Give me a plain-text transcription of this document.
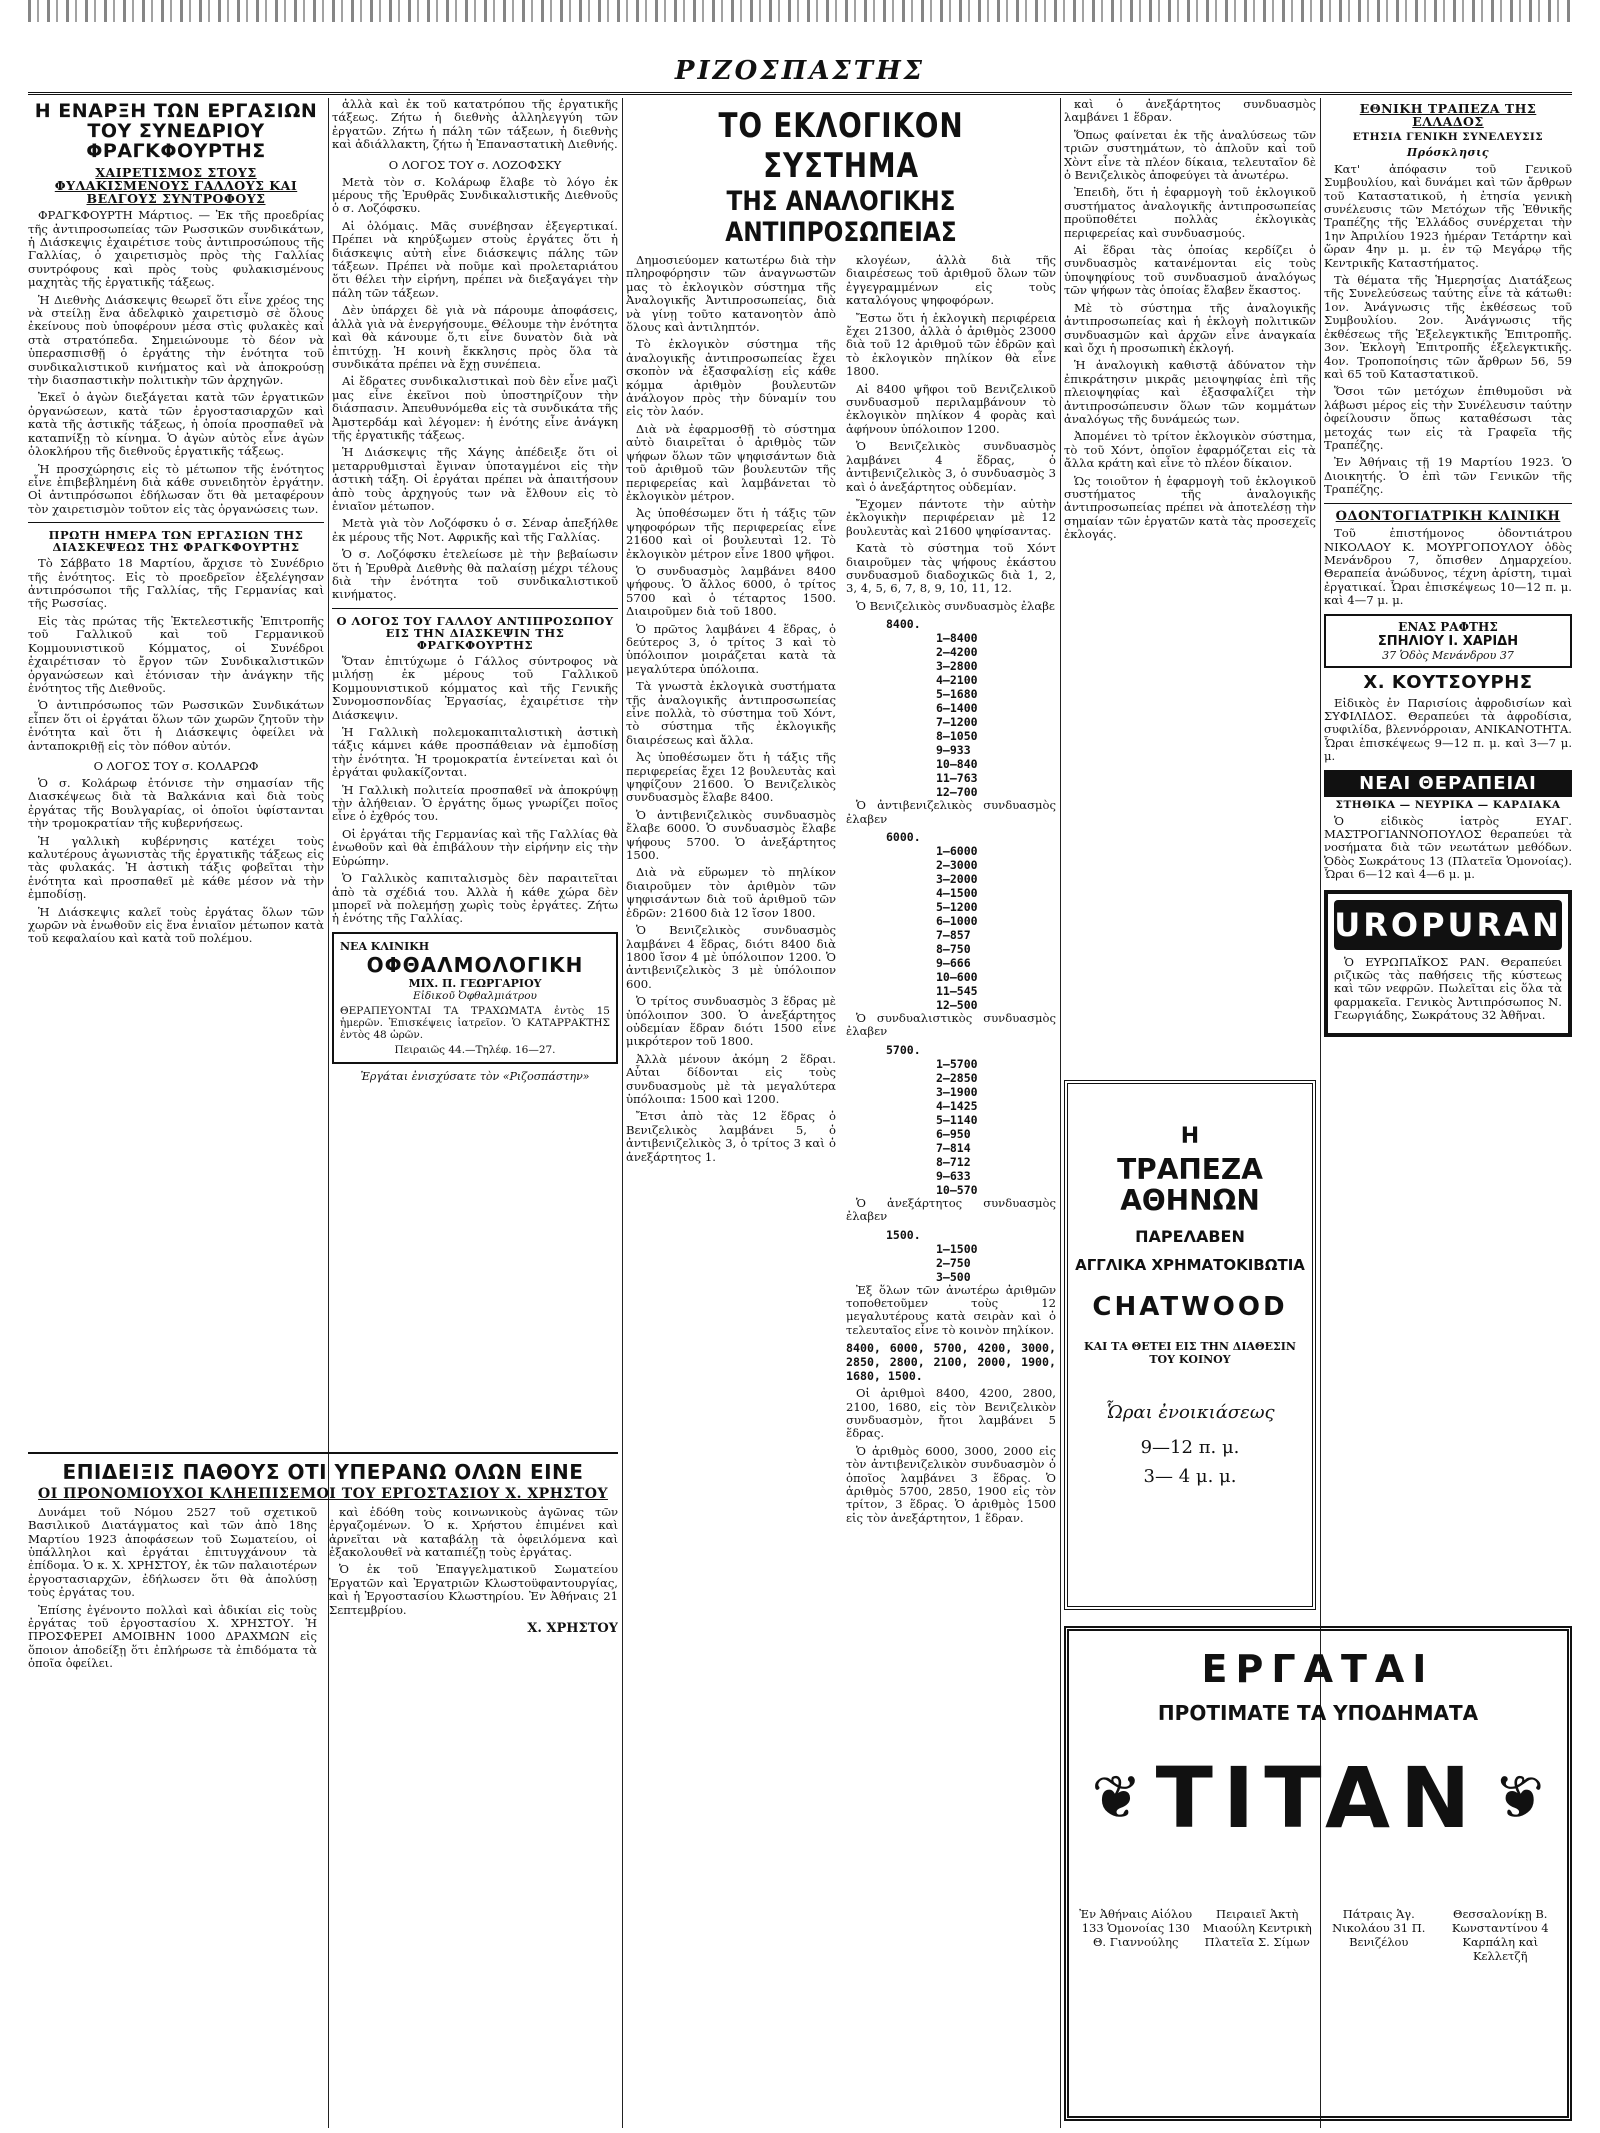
ΡΙΖΟΣΠΑΣΤΗΣ
Η ΕΝΑΡΞΗ ΤΩΝ ΕΡΓΑΣΙΩΝ ΤΟΥ ΣΥΝΕΔΡΙΟΥ ΦΡΑΓΚΦΟΥΡΤΗΣ
ΧΑΙΡΕΤΙΣΜΟΣ ΣΤΟΥΣ ΦΥΛΑΚΙΣΜΕΝΟΥΣ ΓΑΛΛΟΥΣ ΚΑΙ ΒΕΛΓΟΥΣ ΣΥΝΤΡΟΦΟΥΣ

ΦΡΑΓΚΦΟΥΡΤΗ Μάρτιος. — Ἐκ τῆς προεδρίας τῆς ἀντιπροσωπείας τῶν Ρωσσικῶν συνδικάτων, ἡ Διάσκεψις ἐχαιρέτισε τοὺς ἀντιπροσώπους τῆς Γαλλίας, ὁ χαιρετισμὸς πρὸς τὴς Γαλλίας συντρόφους καὶ πρὸς τοὺς φυλακισμένους μαχητὰς τῆς ἐργατικῆς τάξεως.

Ἡ Διεθνὴς Διάσκεψις θεωρεῖ ὅτι εἶνε χρέος της νὰ στείλῃ ἕνα ἀδελφικὸ χαιρετισμὸ σὲ ὅλους ἐκείνους ποὺ ὑποφέρουν μέσα στὶς φυλακὲς καὶ στὰ στρατόπεδα. Σημειώνουμε τὸ δέον νὰ ὑπερασπισθῇ ὁ ἐργάτης τὴν ἑνότητα τοῦ συνδικαλιστικοῦ κινήματος καὶ νὰ ἀποκρούσῃ τὴν διασπαστικὴν πολιτικὴν τῶν ἀρχηγῶν.

Ἐκεῖ ὁ ἀγὼν διεξάγεται κατὰ τῶν ἐργατικῶν ὀργανώσεων, κατὰ τῶν ἐργοστασιαρχῶν καὶ κατὰ τῆς ἀστικῆς τάξεως, ἡ ὁποία προσπαθεῖ νὰ καταπνίξῃ τὸ κίνημα. Ὁ ἀγὼν αὐτὸς εἶνε ἀγὼν ὁλοκλήρου τῆς διεθνοῦς ἐργατικῆς τάξεως.

Ἡ προσχώρησις εἰς τὸ μέτωπον τῆς ἑνότητος εἶνε ἐπιβεβλημένη διὰ κάθε συνειδητὸν ἐργάτην. Οἱ ἀντιπρόσωποι ἐδήλωσαν ὅτι θὰ μεταφέρουν τὸν χαιρετισμὸν τοῦτον εἰς τὰς ὀργανώσεις των.

ΠΡΩΤΗ ΗΜΕΡΑ ΤΩΝ ΕΡΓΑΣΙΩΝ ΤΗΣ ΔΙΑΣΚΕΨΕΩΣ ΤΗΣ ΦΡΑΓΚΦΟΥΡΤΗΣ

Τὸ Σάββατο 18 Μαρτίου, ἄρχισε τὸ Συνέδριο τῆς ἑνότητος. Εἰς τὸ προεδρεῖον ἐξελέγησαν ἀντιπρόσωποι τῆς Γαλλίας, τῆς Γερμανίας καὶ τῆς Ρωσσίας.

Εἰς τὰς πρώτας τῆς Ἐκτελεστικῆς Ἐπιτροπῆς τοῦ Γαλλικοῦ καὶ τοῦ Γερμανικοῦ Κομμουνιστικοῦ Κόμματος, οἱ Συνέδροι ἐχαιρέτισαν τὸ ἔργον τῶν Συνδικαλιστικῶν ὀργανώσεων καὶ ἐτόνισαν τὴν ἀνάγκην τῆς ἑνότητος τῆς Διεθνοῦς.

Ὁ ἀντιπρόσωπος τῶν Ρωσσικῶν Συνδικάτων εἶπεν ὅτι οἱ ἐργάται ὅλων τῶν χωρῶν ζητοῦν τὴν ἑνότητα καὶ ὅτι ἡ Διάσκεψις ὀφείλει νὰ ἀνταποκριθῇ εἰς τὸν πόθον αὐτόν.

Ο ΛΟΓΟΣ ΤΟΥ σ. ΚΟΛΑΡΩΦ

Ὁ σ. Κολάρωφ ἐτόνισε τὴν σημασίαν τῆς Διασκέψεως διὰ τὰ Βαλκάνια καὶ διὰ τοὺς ἐργάτας τῆς Βουλγαρίας, οἱ ὁποῖοι ὑφίστανται τὴν τρομοκρατίαν τῆς κυβερνήσεως.

Ἡ γαλλικὴ κυβέρνησις κατέχει τοὺς καλυτέρους ἀγωνιστὰς τῆς ἐργατικῆς τάξεως εἰς τὰς φυλακάς. Ἡ ἀστικὴ τάξις φοβεῖται τὴν ἑνότητα καὶ προσπαθεῖ μὲ κάθε μέσον νὰ τὴν ἐμποδίσῃ.

Ἡ Διάσκεψις καλεῖ τοὺς ἐργάτας ὅλων τῶν χωρῶν νὰ ἑνωθοῦν εἰς ἕνα ἑνιαῖον μέτωπον κατὰ τοῦ κεφαλαίου καὶ κατὰ τοῦ πολέμου.

ἀλλὰ καὶ ἐκ τοῦ κατατρόπου τῆς ἐργατικῆς τάξεως. Ζήτω ἡ διεθνὴς ἀλληλεγγύη τῶν ἐργατῶν. Ζήτω ἡ πάλη τῶν τάξεων, ἡ διεθνὴς καὶ ἀδιάλλακτη, ζήτω ἡ Ἐπαναστατικὴ Διεθνής.

Ο ΛΟΓΟΣ ΤΟΥ σ. ΛΟΖΟΦΣΚΥ

Μετὰ τὸν σ. Κολάρωφ ἔλαβε τὸ λόγο ἐκ μέρους τῆς Ἐρυθρᾶς Συνδικαλιστικῆς Διεθνοῦς ὁ σ. Λοζόφσκυ.

Αἱ ὁλόμαις. Μᾶς συνέβησαν ἐξεγερτικαί. Πρέπει νὰ κηρύξωμεν στοὺς ἐργάτες ὅτι ἡ διάσκεψις αὐτὴ εἶνε διάσκεψις πάλης τῶν τάξεων. Πρέπει νὰ ποῦμε καὶ προλεταριάτου ὅτι θέλει τὴν εἰρήνη, πρέπει νὰ διεξαγάγει τὴν πάλη τῶν τάξεων.

Δὲν ὑπάρχει δὲ γιὰ νὰ πάρουμε ἀποφάσεις, ἀλλὰ γιὰ νὰ ἐνεργήσουμε. Θέλουμε τὴν ἑνότητα καὶ θὰ κάνουμε ὅ,τι εἶνε δυνατὸν διὰ νὰ ἐπιτύχῃ. Ἡ κοινὴ ἔκκλησις πρὸς ὅλα τὰ συνδικάτα πρέπει νὰ ἔχῃ συνέπεια.

Αἱ ἔδρατες συνδικαλιστικαὶ ποὺ δὲν εἶνε μαζὶ μας εἶνε ἐκεῖνοι ποὺ ὑποστηρίζουν τὴν διάσπασιν. Ἀπευθυνόμεθα εἰς τὰ συνδικάτα τῆς Ἀμστερδάμ καὶ λέγομεν: ἡ ἑνότης εἶνε ἀνάγκη τῆς ἐργατικῆς τάξεως.

Ἡ Διάσκεψις τῆς Χάγης ἀπέδειξε ὅτι οἱ μεταρρυθμισταὶ ἔγιναν ὑποταγμένοι εἰς τὴν ἀστικὴ τάξη. Οἱ ἐργάται πρέπει νὰ ἀπαιτήσουν ἀπὸ τοὺς ἀρχηγούς των νὰ ἔλθουν εἰς τὸ ἑνιαῖον μέτωπον.

Μετὰ γιὰ τὸν Λοζόφσκυ ὁ σ. Σέναρ ἀπεξήλθε ἐκ μέρους τῆς Νοτ. Αφρικῆς καὶ τῆς Γαλλίας.

Ὁ σ. Λοζόφσκυ ἐτελείωσε μὲ τὴν βεβαίωσιν ὅτι ἡ Ἐρυθρὰ Διεθνὴς θὰ παλαίσῃ μέχρι τέλους διὰ τὴν ἑνότητα τοῦ συνδικαλιστικοῦ κινήματος.

Ο ΛΟΓΟΣ ΤΟΥ ΓΑΛΛΟΥ ΑΝΤΙΠΡΟΣΩΠΟΥ ΕΙΣ ΤΗΝ ΔΙΑΣΚΕΨΙΝ ΤΗΣ ΦΡΑΓΚΦΟΥΡΤΗΣ

Ὅταν ἐπιτύχωμε ὁ Γάλλος σύντροφος νὰ μιλήσῃ ἐκ μέρους τοῦ Γαλλικοῦ Κομμουνιστικοῦ κόμματος καὶ τῆς Γενικῆς Συνομοσπονδίας Ἐργασίας, ἐχαιρέτισε τὴν Διάσκεψιν.

Ἡ Γαλλικὴ πολεμοκαπιταλιστικὴ ἀστικὴ τάξις κάμνει κάθε προσπάθειαν νὰ ἐμποδίσῃ τὴν ἑνότητα. Ἡ τρομοκρατία ἐντείνεται καὶ ὁι ἐργάται φυλακίζονται.

Ἡ Γαλλικὴ πολιτεία προσπαθεῖ νὰ ἀποκρύψῃ τὴν ἀλήθειαν. Ὁ ἐργάτης ὅμως γνωρίζει ποῖος εἶνε ὁ ἐχθρός του.

Οἱ ἐργάται τῆς Γερμανίας καὶ τῆς Γαλλίας θὰ ἑνωθοῦν καὶ θὰ ἐπιβάλουν τὴν εἰρήνην εἰς τὴν Εὐρώπην.

Ὁ Γαλλικὸς καπιταλισμὸς δὲν παραιτεῖται ἀπὸ τὰ σχέδιά του. Ἀλλὰ ἡ κάθε χώρα δὲν μπορεῖ νὰ πολεμήσῃ χωρὶς τοὺς ἐργάτες. Ζήτω ἡ ἑνότης τῆς Γαλλίας.

ΝΕΑ ΚΛΙΝΙΚΗ
ΟΦΘΑΛΜΟΛΟΓΙΚΗ
ΜΙΧ. Π. ΓΕΩΡΓΑΡΙΟΥ
Εἰδικοῦ Ὀφθαλμιάτρου
ΘΕΡΑΠΕΥΟΝΤΑΙ ΤΑ ΤΡΑΧΩΜΑΤΑ ἐντὸς 15 ἡμερῶν. Ἐπισκέψεις ἰατρεῖον. Ὁ ΚΑΤΑΡΡΑΚΤΗΣ ἐντὸς 48 ὡρῶν.
Πειραιῶς 44.—Τηλέφ. 16—27.
Ἐργάται ἐνισχύσατε τὸν «Ριζοσπάστην»
ΤΟ ΕΚΛΟΓΙΚΟΝ ΣΥΣΤΗΜΑ
ΤΗΣ ΑΝΑΛΟΓΙΚΗΣ ΑΝΤΙΠΡΟΣΩΠΕΙΑΣ

Δημοσιεύομεν κατωτέρω διὰ τὴν πληροφόρησιν τῶν ἀναγνωστῶν μας τὸ ἐκλογικὸν σύστημα τῆς Ἀναλογικῆς Ἀντιπροσωπείας, διὰ νὰ γίνῃ τοῦτο κατανοητὸν ἀπὸ ὅλους καὶ ἀντιληπτόν.

Τὸ ἐκλογικὸν σύστημα τῆς ἀναλογικῆς ἀντιπροσωπείας ἔχει σκοπὸν νὰ ἐξασφαλίσῃ εἰς κάθε κόμμα ἀριθμὸν βουλευτῶν ἀνάλογον πρὸς τὴν δύναμίν του εἰς τὸν λαόν.

Διὰ νὰ ἐφαρμοσθῇ τὸ σύστημα αὐτὸ διαιρεῖται ὁ ἀριθμὸς τῶν ψήφων ὅλων τῶν ψηφισάντων διὰ τοῦ ἀριθμοῦ τῶν βουλευτῶν τῆς περιφερείας καὶ λαμβάνεται τὸ ἐκλογικὸν μέτρον.

Ἀς ὑποθέσωμεν ὅτι ἡ τάξις τῶν ψηφοφόρων τῆς περιφερείας εἶνε 21600 καὶ οἱ βουλευταὶ 12. Τὸ ἐκλογικὸν μέτρον εἶνε 1800 ψῆφοι.

Ὁ συνδυασμὸς λαμβάνει 8400 ψήφους. Ὁ ἄλλος 6000, ὁ τρίτος 5700 καὶ ὁ τέταρτος 1500. Διαιροῦμεν διὰ τοῦ 1800.

Ὁ πρῶτος λαμβάνει 4 ἕδρας, ὁ δεύτερος 3, ὁ τρίτος 3 καὶ τὸ ὑπόλοιπον μοιράζεται κατὰ τὰ μεγαλύτερα ὑπόλοιπα.

Τὰ γνωστὰ ἐκλογικὰ συστήματα τῆς ἀναλογικῆς ἀντιπροσωπείας εἶνε πολλὰ, τὸ σύστημα τοῦ Χόντ, τὸ σύστημα τῆς ἐκλογικῆς διαιρέσεως καὶ ἄλλα.

Ἀς ὑποθέσωμεν ὅτι ἡ τάξις τῆς περιφερείας ἔχει 12 βουλευτὰς καὶ ψηφίζουν 21600. Ὁ Βενιζελικὸς συνδυασμὸς ἔλαβε 8400.

Ὁ ἀντιβενιζελικὸς συνδυασμὸς ἔλαβε 6000. Ὁ συνδυασμὸς ἔλαβε ψήφους 5700. Ὁ ἀνεξάρτητος 1500.

Διὰ νὰ εὕρωμεν τὸ πηλίκον διαιροῦμεν τὸν ἀριθμὸν τῶν ψηφισάντων διὰ τοῦ ἀριθμοῦ τῶν ἑδρῶν: 21600 διὰ 12 ἴσον 1800.

Ὁ Βενιζελικὸς συνδυασμὸς λαμβάνει 4 ἕδρας, διότι 8400 διὰ 1800 ἴσον 4 μὲ ὑπόλοιπον 1200. Ὁ ἀντιβενιζελικὸς 3 μὲ ὑπόλοιπον 600.

Ὁ τρίτος συνδυασμὸς 3 ἕδρας μὲ ὑπόλοιπον 300. Ὁ ἀνεξάρτητος οὐδεμίαν ἕδραν διότι 1500 εἶνε μικρότερον τοῦ 1800.

Ἀλλὰ μένουν ἀκόμη 2 ἕδραι. Αὗται δίδονται εἰς τοὺς συνδυασμοὺς μὲ τὰ μεγαλύτερα ὑπόλοιπα: 1500 καὶ 1200.

Ἔτσι ἀπὸ τὰς 12 ἕδρας ὁ Βενιζελικὸς λαμβάνει 5, ὁ ἀντιβενιζελικὸς 3, ὁ τρίτος 3 καὶ ὁ ἀνεξάρτητος 1.

κλογέων, ἀλλὰ διὰ τῆς διαιρέσεως τοῦ ἀριθμοῦ ὅλων τῶν ἐγγεγραμμένων εἰς τοὺς καταλόγους ψηφοφόρων.

Ἔστω ὅτι ἡ ἐκλογικὴ περιφέρεια ἔχει 21300, ἀλλὰ ὁ ἀριθμὸς 23000 διὰ τοῦ 12 ἀριθμοῦ τῶν ἑδρῶν καὶ τὸ ἐκλογικὸν πηλίκον θὰ εἶνε 1800.

Αἱ 8400 ψῆφοι τοῦ Βενιζελικοῦ συνδυασμοῦ περιλαμβάνουν τὸ ἐκλογικὸν πηλίκον 4 φορὰς καὶ ἀφήνουν ὑπόλοιπον 1200.

Ὁ Βενιζελικὸς συνδυασμὸς λαμβάνει 4 ἕδρας, ὁ ἀντιβενιζελικὸς 3, ὁ συνδυασμὸς 3 καὶ ὁ ἀνεξάρτητος οὐδεμίαν.

Ἔχομεν πάντοτε τὴν αὐτὴν ἐκλογικὴν περιφέρειαν μὲ 12 βουλευτὰς καὶ 21600 ψηφίσαντας.

Κατὰ τὸ σύστημα τοῦ Χόντ διαιροῦμεν τὰς ψήφους ἑκάστου συνδυασμοῦ διαδοχικῶς διὰ 1, 2, 3, 4, 5, 6, 7, 8, 9, 10, 11, 12.

Ὁ Βενιζελικὸς συνδυασμὸς ἐλαβε

8400.
1—8400
2—4200
3—2800
4—2100
5—1680
6—1400
7—1200
8—1050
9—933
10—840
11—763
12—700

Ὁ ἀντιβενιζελικὸς συνδυασμὸς ἐλαβεν

6000.
1—6000
2—3000
3—2000
4—1500
5—1200
6—1000
7—857
8—750
9—666
10—600
11—545
12—500

Ὁ συνδυαλιστικὸς συνδυασμὸς ἐλαβεν

5700.
1—5700
2—2850
3—1900
4—1425
5—1140
6—950
7—814
8—712
9—633
10—570

Ὁ ἀνεξάρτητος συνδυασμὸς ἐλαβεν

1500.
1—1500
2—750
3—500

Ἐξ ὅλων τῶν ἀνωτέρω ἀριθμῶν τοποθετοῦμεν τοὺς 12 μεγαλυτέρους κατὰ σειρὰν καὶ ὁ τελευταῖος εἶνε τὸ κοινὸν πηλίκον.

8400, 6000, 5700, 4200, 3000, 2850, 2800, 2100, 2000, 1900, 1680, 1500.

Οἱ ἀριθμοὶ 8400, 4200, 2800, 2100, 1680, εἰς τὸν Βενιζελικὸν συνδυασμὸν, ἤτοι λαμβάνει 5 ἕδρας.

Ὁ ἀριθμὸς 6000, 3000, 2000 εἰς τὸν ἀντιβενιζελικὸν συνδυασμὸν ὁ ὁποῖος λαμβάνει 3 ἕδρας. Ὁ ἀριθμὸς 5700, 2850, 1900 εἰς τὸν τρίτον, 3 ἕδρας. Ὁ ἀριθμὸς 1500 εἰς τὸν ἀνεξάρτητον, 1 ἕδραν.

καὶ ὁ ἀνεξάρτητος συνδυασμὸς λαμβάνει 1 ἕδραν.

Ὅπως φαίνεται ἐκ τῆς ἀναλύσεως τῶν τριῶν συστημάτων, τὸ ἁπλοῦν καὶ τοῦ Χὸντ εἶνε τὰ πλέον δίκαια, τελευταῖον δὲ ὁ Βενιζελικὸς ἀποφεύγει τὰ ἀνωτέρω.

Ἐπειδὴ, ὅτι ἡ ἐφαρμογὴ τοῦ ἐκλογικοῦ συστήματος ἀναλογικῆς ἀντιπροσωπείας προϋποθέτει πολλὰς ἐκλογικὰς περιφερείας καὶ συνδυασμούς.

Αἱ ἕδραι τὰς ὁποίας κερδίζει ὁ συνδυασμὸς κατανέμονται εἰς τοὺς ὑποψηφίους τοῦ συνδυασμοῦ ἀναλόγως τῶν ψήφων τὰς ὁποίας ἔλαβεν ἕκαστος.

Μὲ τὸ σύστημα τῆς ἀναλογικῆς ἀντιπροσωπείας καὶ ἡ ἐκλογὴ πολιτικῶν συνδυασμῶν καὶ ἀρχῶν εἶνε ἀναγκαία καὶ ὄχι ἡ προσωπικὴ ἐκλογή.

Ἡ ἀναλογικὴ καθιστᾷ ἀδύνατον τὴν ἐπικράτησιν μικρᾶς μειοψηφίας ἐπὶ τῆς πλειοψηφίας καὶ ἐξασφαλίζει τὴν ἀντιπροσώπευσιν ὅλων τῶν κομμάτων ἀναλόγως τῆς δυνάμεώς των.

Ἀπομένει τὸ τρίτον ἐκλογικὸν σύστημα, τὸ τοῦ Χόντ, ὁποῖον ἐφαρμόζεται εἰς τὰ ἄλλα κράτη καὶ εἶνε τὸ πλέον δίκαιον.

Ὡς τοιοῦτον ἡ ἐφαρμογὴ τοῦ ἐκλογικοῦ συστήματος τῆς ἀναλογικῆς ἀντιπροσωπείας πρέπει νὰ ἀποτελέσῃ τὴν σημαίαν τῶν ἐργατῶν κατὰ τὰς προσεχεῖς ἐκλογάς.

Η
ΤΡΑΠΕΖΑ ΑΘΗΝΩΝ
ΠΑΡΕΛΑΒΕΝ
ΑΓΓΛΙΚΑ ΧΡΗΜΑΤΟΚΙΒΩΤΙΑ
CHATWOOD
ΚΑΙ ΤΑ ΘΕΤΕΙ ΕΙΣ ΤΗΝ ΔΙΑΘΕΣΙΝ ΤΟΥ ΚΟΙΝΟΥ
Ὧραι ἐνοικιάσεως
9—12 π. μ.
3— 4 μ. μ.
ΕΘΝΙΚΗ ΤΡΑΠΕΖΑ ΤΗΣ ΕΛΛΑΔΟΣ
ΕΤΗΣΙΑ ΓΕΝΙΚΗ ΣΥΝΕΛΕΥΣΙΣ
Πρόσκλησις

Κατ' ἀπόφασιν τοῦ Γενικοῦ Συμβουλίου, καὶ δυνάμει καὶ τῶν ἄρθρων τοῦ Καταστατικοῦ, ἡ ἐτησία γενικὴ συνέλευσις τῶν Μετόχων τῆς Ἐθνικῆς Τραπέζης τῆς Ἑλλάδος συνέρχεται τὴν 1ην Ἀπριλίου 1923 ἡμέραν Τετάρτην καὶ ὥραν 4ην μ. μ. ἐν τῷ Μεγάρῳ τῆς Κεντρικῆς Καταστήματος.

Τὰ θέματα τῆς Ἡμερησίας Διατάξεως τῆς Συνελεύσεως ταύτης εἶνε τὰ κάτωθι: 1ον. Ἀνάγνωσις τῆς ἐκθέσεως τοῦ Συμβουλίου. 2ον. Ἀνάγνωσις τῆς ἐκθέσεως τῆς Ἐξελεγκτικῆς Ἐπιτροπῆς. 3ον. Ἐκλογὴ Ἐπιτροπῆς ἐξελεγκτικῆς. 4ον. Τροποποίησις τῶν ἄρθρων 56, 59 καὶ 65 τοῦ Καταστατικοῦ.

Ὅσοι τῶν μετόχων ἐπιθυμοῦσι νὰ λάβωσι μέρος εἰς τὴν Συνέλευσιν ταύτην ὀφείλουσιν ὅπως καταθέσωσι τὰς μετοχάς των εἰς τὰ Γραφεῖα τῆς Τραπέζης.

Ἐν Ἀθήναις τῇ 19 Μαρτίου 1923. Ὁ Διοικητής. Ὁ ἐπὶ τῶν Γενικῶν τῆς Τραπέζης.

ΟΔΟΝΤΟΓΙΑΤΡΙΚΗ ΚΛΙΝΙΚΗ

Τοῦ ἐπιστήμονος ὀδοντιάτρου ΝΙΚΟΛΑΟΥ Κ. ΜΟΥΡΓΟΠΟΥΛΟΥ ὁδὸς Μενάνδρου 7, ὄπισθεν Δημαρχείου. Θεραπεία ἀνώδυνος, τέχνη ἀρίστη, τιμαὶ ἐργατικαί. Ὧραι ἐπισκέψεως 10—12 π. μ. καὶ 4—7 μ. μ.

ΕΝΑΣ ΡΑΦΤΗΣ
ΣΠΗΛΙΟΥ Ι. ΧΑΡΙΔΗ
37 Ὁδὸς Μενάνδρου 37
Χ. ΚΟΥΤΣΟΥΡΗΣ

Εἰδικὸς ἐν Παρισίοις ἀφροδισίων καὶ ΣΥΦΙΛΙΔΟΣ. Θεραπεύει τὰ ἀφροδίσια, συφιλίδα, βλεννόρροιαν, ΑΝΙΚΑΝΟΤΗΤΑ. Ὧραι ἐπισκέψεως 9—12 π. μ. καὶ 3—7 μ. μ.

ΝΕΑΙ ΘΕΡΑΠΕΙΑΙ
ΣΤΗΘΙΚΑ — ΝΕΥΡΙΚΑ — ΚΑΡΔΙΑΚΑ

Ὁ εἰδικὸς ἰατρὸς ΕΥΑΓ. ΜΑΣΤΡΟΓΙΑΝΝΟΠΟΥΛΟΣ θεραπεύει τὰ νοσήματα διὰ τῶν νεωτάτων μεθόδων. Ὁδὸς Σωκράτους 13 (Πλατεῖα Ὁμονοίας). Ὧραι 6—12 καὶ 4—6 μ. μ.

UROPURAN

Ὁ ΕΥΡΩΠΑΪΚΟΣ ΡΑΝ. Θεραπεύει ριζικῶς τὰς παθήσεις τῆς κύστεως καὶ τῶν νεφρῶν. Πωλεῖται εἰς ὅλα τὰ φαρμακεῖα. Γενικὸς Ἀντιπρόσωπος Ν. Γεωργιάδης, Σωκράτους 32 Ἀθῆναι.

ΕΠΙΔΕΙΞΙΣ ΠΑΘΟΥΣ ΟΤΙ ΥΠΕΡΑΝΩ ΟΛΩΝ ΕΙΝΕ
ΟΙ ΠΡΟΝΟΜΙΟΥΧΟΙ ΚΛΗΕΠΙΣΕΜΟΙ ΤΟΥ ΕΡΓΟΣΤΑΣΙΟΥ Χ. ΧΡΗΣΤΟΥ

Δυνάμει τοῦ Νόμου 2527 τοῦ σχετικοῦ Βασιλικοῦ Διατάγματος καὶ τῶν ἀπὸ 18ης Μαρτίου 1923 ἀποφάσεων τοῦ Σωματείου, οἱ ὑπάλληλοι καὶ ἐργάται ἐπιτυγχάνουν τὰ ἐπίδομα. Ὁ κ. Χ. ΧΡΗΣΤΟΥ, ἐκ τῶν παλαιοτέρων ἐργοστασιαρχῶν, ἐδήλωσεν ὅτι θὰ ἀπολύσῃ τοὺς ἐργάτας του.

Ἐπίσης ἐγένοντο πολλαὶ καὶ ἀδικίαι εἰς τοὺς ἐργάτας τοῦ ἐργοστασίου Χ. ΧΡΗΣΤΟΥ. Ἡ ΠΡΟΣΦΕΡΕΙ ΑΜΟΙΒΗΝ 1000 ΔΡΑΧΜΩΝ εἰς ὅποιον ἀποδείξῃ ὅτι ἐπλήρωσε τὰ ἐπιδόματα τὰ ὁποῖα ὀφείλει.

καὶ ἐδόθη τοὺς κοινωνικοὺς ἀγῶνας τῶν ἐργαζομένων. Ὁ κ. Χρήστου ἐπιμένει καὶ ἀρνεῖται νὰ καταβάλῃ τὰ ὀφειλόμενα καὶ ἐξακολουθεῖ νὰ καταπιέζῃ τοὺς ἐργάτας.

Ὁ ἐκ τοῦ Ἐπαγγελματικοῦ Σωματείου Ἐργατῶν καὶ Ἐργατριῶν Κλωστοϋφαντουργίας, καὶ ἡ Ἐργοστασίου Κλωστηρίου. Ἐν Ἀθήναις 21 Σεπτεμβρίου.

Χ. ΧΡΗΣΤΟΥ
ΕΡΓΑΤΑΙ
ΠΡΟΤΙΜΑΤΕ ΤΑ ΥΠΟΔΗΜΑΤΑ
❦ TITAN ❦
Ἐν Ἀθήναις Αἰόλου 133 Ὁμονοίας 130 Θ. Γιαννούλης
Πειραιεῖ Ἀκτὴ Μιαούλη Κεντρικὴ Πλατεῖα Σ. Σίμων
Πάτραις Ἁγ. Νικολάου 31 Π. Βενιζέλου
Θεσσαλονίκῃ Β. Κωνσταντίνου 4 Καρπάλη καὶ Κελλετζῆ
